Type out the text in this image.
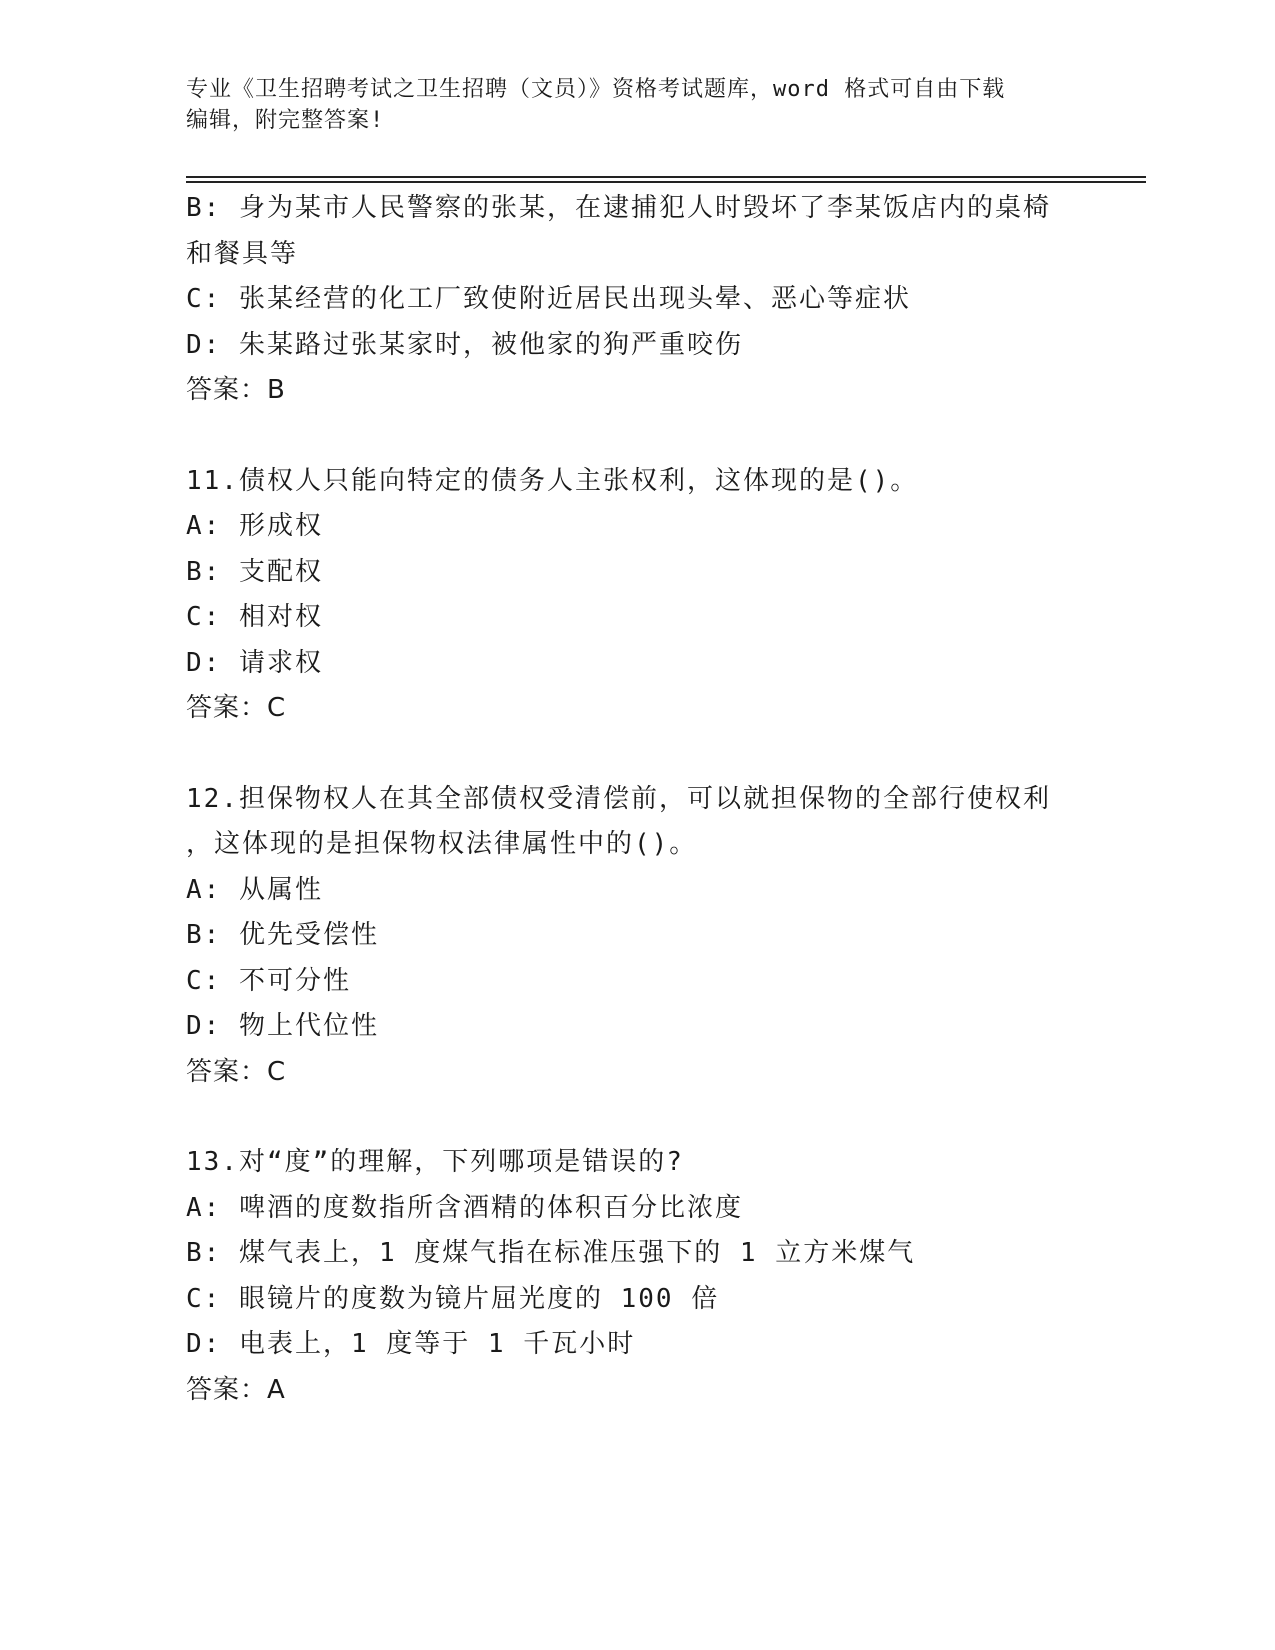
专业《卫生招聘考试之卫生招聘（文员）》资格考试题库，word 格式可自由下载
编辑，附完整答案!
B: 身为某市人民警察的张某，在逮捕犯人时毁坏了李某饭店内的桌椅
和餐具等
C: 张某经营的化工厂致使附近居民出现头晕、恶心等症状
D: 朱某路过张某家时，被他家的狗严重咬伤
答案：B
11.债权人只能向特定的债务人主张权利，这体现的是()。
A: 形成权
B: 支配权
C: 相对权
D: 请求权
答案：C
12.担保物权人在其全部债权受清偿前，可以就担保物的全部行使权利
，这体现的是担保物权法律属性中的()。
A: 从属性
B: 优先受偿性
C: 不可分性
D: 物上代位性
答案：C
13.对“度”的理解，下列哪项是错误的?
A: 啤酒的度数指所含酒精的体积百分比浓度
B: 煤气表上，1 度煤气指在标准压强下的 1 立方米煤气
C: 眼镜片的度数为镜片屈光度的 100 倍
D: 电表上，1 度等于 1 千瓦小时
答案：A
